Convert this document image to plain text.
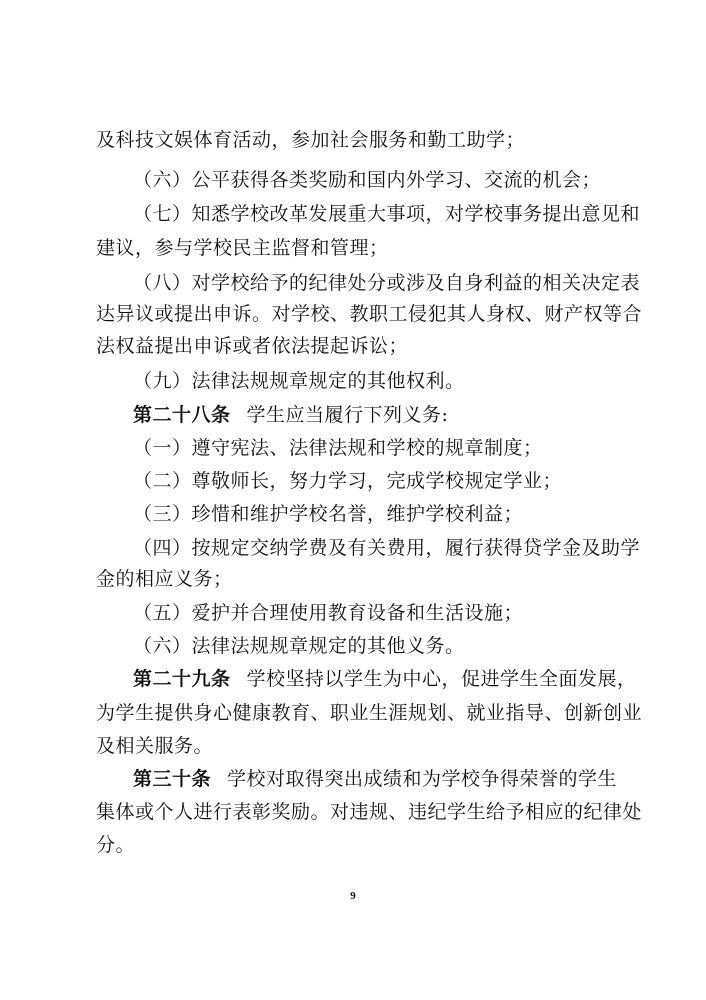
及科技文娱体育活动，参加社会服务和勤工助学；
（六）公平获得各类奖励和国内外学习、交流的机会；
（七）知悉学校改革发展重大事项，对学校事务提出意见和
建议，参与学校民主监督和管理；
（八）对学校给予的纪律处分或涉及自身利益的相关决定表
达异议或提出申诉。对学校、教职工侵犯其人身权、财产权等合
法权益提出申诉或者依法提起诉讼；
（九）法律法规规章规定的其他权利。
第二十八条 学生应当履行下列义务:
（一）遵守宪法、法律法规和学校的规章制度；
（二）尊敬师长，努力学习，完成学校规定学业；
（三）珍惜和维护学校名誉，维护学校利益；
（四）按规定交纳学费及有关费用，履行获得贷学金及助学
金的相应义务；
（五）爱护并合理使用教育设备和生活设施；
（六）法律法规规章规定的其他义务。
第二十九条 学校坚持以学生为中心，促进学生全面发展，
为学生提供身心健康教育、职业生涯规划、就业指导、创新创业
及相关服务。
第三十条 学校对取得突出成绩和为学校争得荣誉的学生
集体或个人进行表彰奖励。对违规、违纪学生给予相应的纪律处
分。
9
